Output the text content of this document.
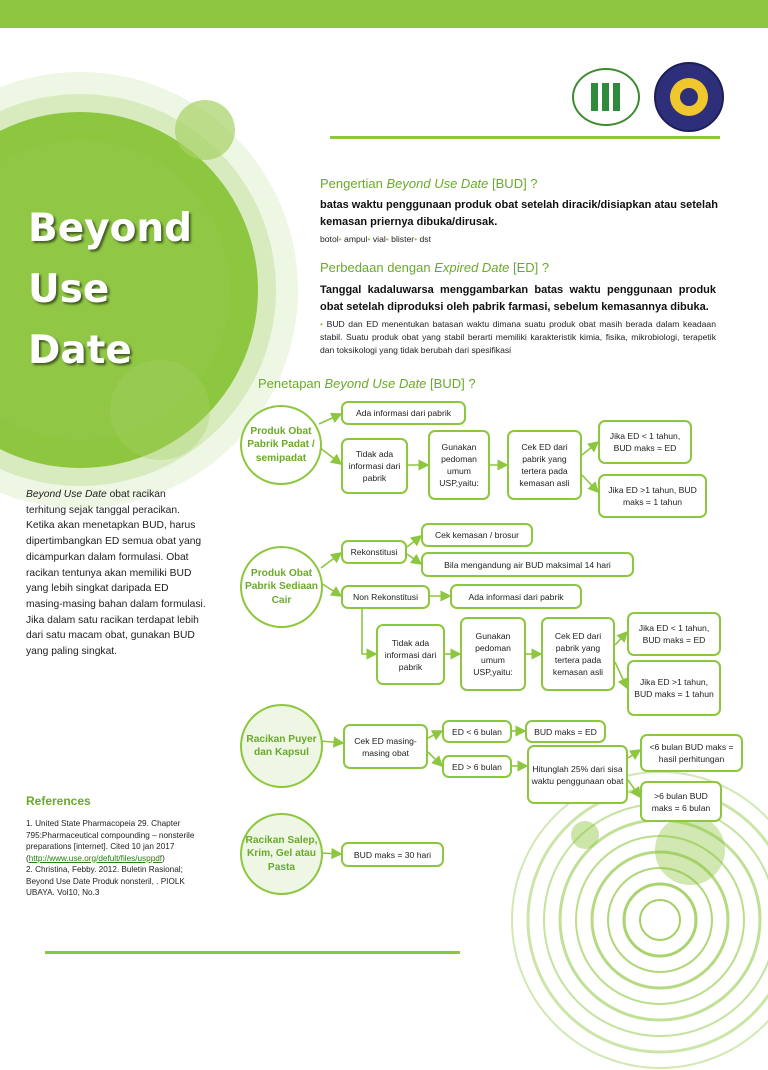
Beyond
Use
Date
Pengertian Beyond Use Date [BUD] ?
batas waktu penggunaan produk obat setelah diracik/disiapkan atau setelah
kemasan priernya dibuka/dirusak.
botol• ampul• vial• blister• dst
Perbedaan dengan Expired Date [ED] ?
Tanggal kadaluwarsa menggambarkan batas waktu penggunaan produk obat setelah diproduksi oleh pabrik farmasi, sebelum kemasannya dibuka.
• BUD dan ED menentukan batasan waktu dimana suatu produk obat masih berada dalam keadaan stabil. Suatu produk obat yang stabil berarti memiliki karakteristik kimia, fisika, mikrobiologi, terapetik dan toksikologi yang tidak berubah dari spesifikasi
Penetapan Beyond Use Date [BUD] ?
Beyond Use Date obat racikan terhitung sejak tanggal peracikan. Ketika akan menetapkan BUD, harus dipertimbangkan ED semua obat yang dicampurkan dalam formulasi. Obat racikan tentunya akan memiliki BUD yang lebih singkat daripada ED masing-masing bahan dalam formulasi. Jika dalam satu racikan terdapat lebih dari satu macam obat, gunakan BUD yang paling singkat.
References
1. United State Pharmacopeia 29. Chapter 795:Pharmaceutical compounding – nonsterile preparations [internet]. Cited 10 jan 2017 (http://www.use.org/defult/files/usppdf)
2. Christina, Febby. 2012. Buletin Rasional; Beyond Use Date Produk nonsteril, . PIOLK UBAYA. Vol10, No.3
Produk Obat Pabrik Padat / semipadat
Ada informasi dari pabrik
Tidak ada informasi dari pabrik
Gunakan pedoman umum USP,yaitu:
Cek ED dari pabrik yang tertera pada kemasan asli
Jika ED < 1 tahun, BUD maks = ED
Jika ED >1 tahun, BUD maks = 1 tahun
Produk Obat Pabrik Sediaan Cair
Rekonstitusi
Cek kemasan / brosur
Bila mengandung air BUD maksimal 14 hari
Non Rekonstitusi	Ada informasi dari pabrik
Tidak ada informasi dari pabrik
Gunakan pedoman umum USP,yaitu:
Cek ED dari pabrik yang tertera pada kemasan asli
Jika ED < 1 tahun, BUD maks = ED
Jika ED >1 tahun, BUD maks = 1 tahun
Racikan Puyer dan Kapsul
Cek ED masing-masing obat
ED < 6 bulan	BUD maks = ED
ED > 6 bulan	Hitunglah 25% dari sisa waktu penggunaan obat
<6 bulan BUD maks = hasil perhitungan
>6 bulan BUD maks = 6 bulan
Racikan Salep, Krim, Gel atau Pasta
BUD maks = 30 hari
